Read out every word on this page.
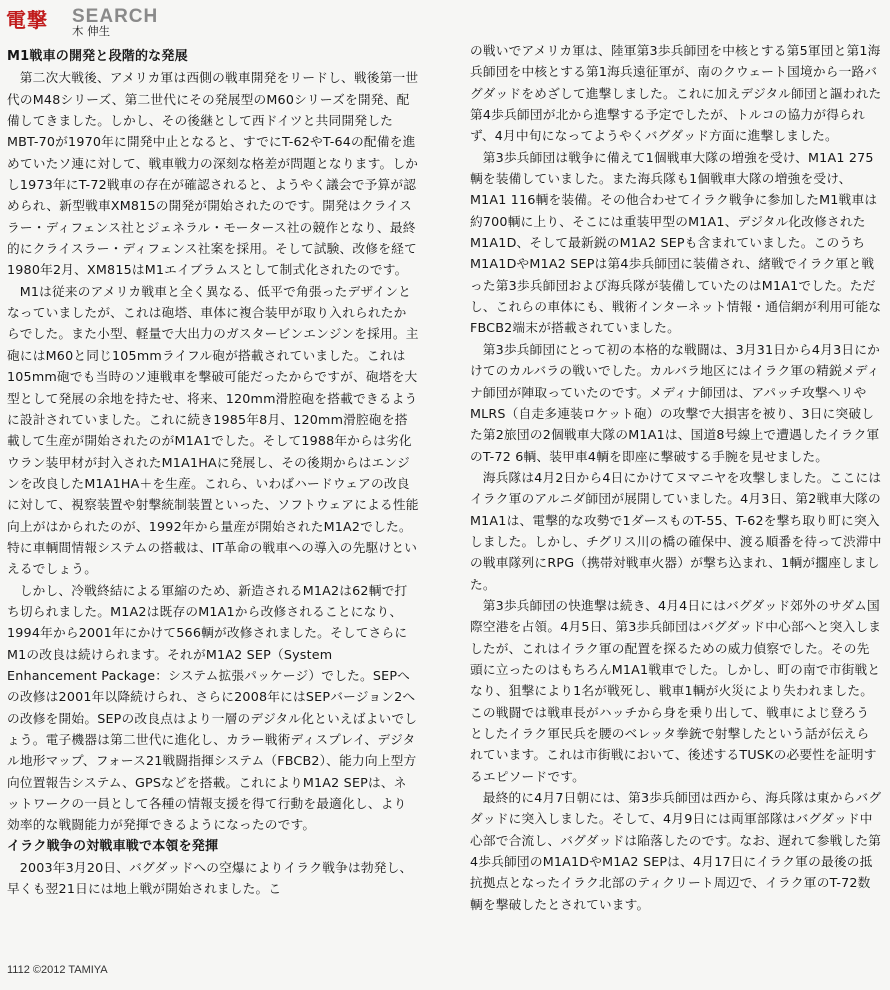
電撃 SEARCH
木 伸生

M1戦車の開発と段階的な発展

第二次大戦後、アメリカ軍は西側の戦車開発をリードし、戦後第一世代のM48シリーズ、第二世代にその発展型のM60シリーズを開発、配備してきました。しかし、その後継として西ドイツと共同開発したMBT-70が1970年に開発中止となると、すでにT-62やT-64の配備を進めていたソ連に対して、戦車戦力の深刻な格差が問題となります。しかし1973年にT-72戦車の存在が確認されると、ようやく議会で予算が認められ、新型戦車XM815の開発が開始されたのです。開発はクライスラー・ディフェンス社とジェネラル・モータース社の競作となり、最終的にクライスラー・ディフェンス社案を採用。そして試験、改修を経て1980年2月、XM815はM1エイブラムスとして制式化されたのです。

M1は従来のアメリカ戦車と全く異なる、低平で角張ったデザインとなっていましたが、これは砲塔、車体に複合装甲が取り入れられたからでした。また小型、軽量で大出力のガスタービンエンジンを採用。主砲にはM60と同じ105mmライフル砲が搭載されていました。これは105mm砲でも当時のソ連戦車を撃破可能だったからですが、砲塔を大型として発展の余地を持たせ、将来、120mm滑腔砲を搭載できるように設計されていました。これに続き1985年8月、120mm滑腔砲を搭載して生産が開始されたのがM1A1でした。そして1988年からは劣化ウラン装甲材が封入されたM1A1HAに発展し、その後期からはエンジンを改良したM1A1HA＋を生産。これら、いわばハードウェアの改良に対して、視察装置や射撃統制装置といった、ソフトウェアによる性能向上がはかられたのが、1992年から量産が開始されたM1A2でした。特に車輌間情報システムの搭載は、IT革命の戦車への導入の先駆けといえるでしょう。

しかし、冷戦終結による軍縮のため、新造されるM1A2は62輌で打ち切られました。M1A2は既存のM1A1から改修されることになり、1994年から2001年にかけて566輌が改修されました。そしてさらにM1の改良は続けられます。それがM1A2 SEP（System Enhancement Package：システム拡張パッケージ）でした。SEPへの改修は2001年以降続けられ、さらに2008年にはSEPバージョン2への改修を開始。SEPの改良点はより一層のデジタル化といえばよいでしょう。電子機器は第二世代に進化し、カラー戦術ディスプレイ、デジタル地形マップ、フォース21戦闘指揮システム（FBCB2）、能力向上型方向位置報告システム、GPSなどを搭載。これによりM1A2 SEPは、ネットワークの一員として各種の情報支援を得て行動を最適化し、より効率的な戦闘能力が発揮できるようになったのです。

イラク戦争の対戦車戦で本領を発揮

2003年3月20日、バグダッドへの空爆によりイラク戦争は勃発し、早くも翌21日には地上戦が開始されました。こ

の戦いでアメリカ軍は、陸軍第3歩兵師団を中核とする第5軍団と第1海兵師団を中核とする第1海兵遠征軍が、南のクウェート国境から一路バグダッドをめざして進撃しました。これに加えデジタル師団と謳われた第4歩兵師団が北から進撃する予定でしたが、トルコの協力が得られず、4月中旬になってようやくバグダッド方面に進撃しました。

第3歩兵師団は戦争に備えて1個戦車大隊の増強を受け、M1A1 275輌を装備していました。また海兵隊も1個戦車大隊の増強を受け、M1A1 116輌を装備。その他合わせてイラク戦争に参加したM1戦車は約700輌に上り、そこには重装甲型のM1A1、デジタル化改修されたM1A1D、そして最新鋭のM1A2 SEPも含まれていました。このうちM1A1DやM1A2 SEPは第4歩兵師団に装備され、緒戦でイラク軍と戦った第3歩兵師団および海兵隊が装備していたのはM1A1でした。ただし、これらの車体にも、戦術インターネット情報・通信網が利用可能なFBCB2端末が搭載されていました。

第3歩兵師団にとって初の本格的な戦闘は、3月31日から4月3日にかけてのカルバラの戦いでした。カルバラ地区にはイラク軍の精鋭メディナ師団が陣取っていたのです。メディナ師団は、アパッチ攻撃ヘリやMLRS（自走多連装ロケット砲）の攻撃で大損害を被り、3日に突破した第2旅団の2個戦車大隊のM1A1は、国道8号線上で遭遇したイラク軍のT-72 6輌、装甲車4輌を即座に撃破する手腕を見せました。

海兵隊は4月2日から4日にかけてヌマニヤを攻撃しました。ここにはイラク軍のアルニダ師団が展開していました。4月3日、第2戦車大隊のM1A1は、電撃的な攻勢で1ダースものT-55、T-62を撃ち取り町に突入しました。しかし、チグリス川の橋の確保中、渡る順番を待って渋滞中の戦車隊列にRPG（携帯対戦車火器）が撃ち込まれ、1輌が擱座しました。

第3歩兵師団の快進撃は続き、4月4日にはバグダッド郊外のサダム国際空港を占領。4月5日、第3歩兵師団はバグダッド中心部へと突入しましたが、これはイラク軍の配置を探るための威力偵察でした。その先頭に立ったのはもちろんM1A1戦車でした。しかし、町の南で市街戦となり、狙撃により1名が戦死し、戦車1輌が火災により失われました。この戦闘では戦車長がハッチから身を乗り出して、戦車によじ登ろうとしたイラク軍民兵を腰のベレッタ拳銃で射撃したという話が伝えられています。これは市街戦において、後述するTUSKの必要性を証明するエピソードです。

最終的に4月7日朝には、第3歩兵師団は西から、海兵隊は東からバグダッドに突入しました。そして、4月9日には両軍部隊はバグダッド中心部で合流し、バグダッドは陥落したのです。なお、遅れて参戦した第4歩兵師団のM1A1DやM1A2 SEPは、4月17日にイラク軍の最後の抵抗拠点となったイラク北部のティクリート周辺で、イラク軍のT-72数輌を撃破したとされています。

1112 ©2012 TAMIYA
